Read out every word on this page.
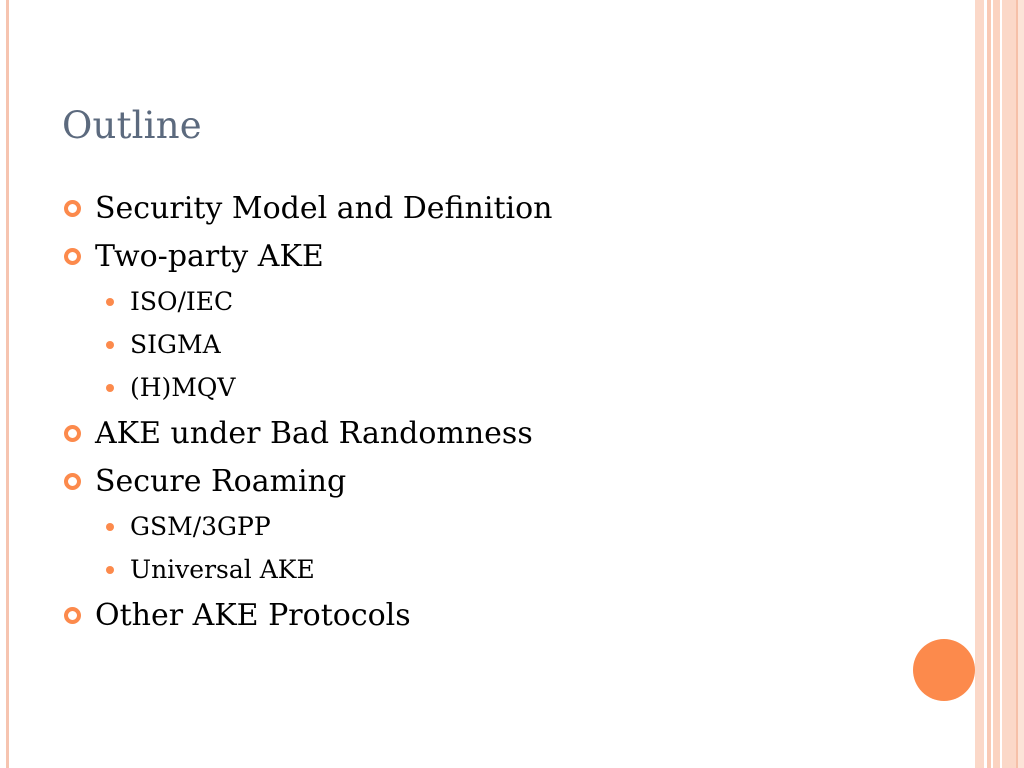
Outline
Security Model and Definition
Two-party AKE
ISO/IEC
SIGMA
(H)MQV
AKE under Bad Randomness
Secure Roaming
GSM/3GPP
Universal AKE
Other AKE Protocols
